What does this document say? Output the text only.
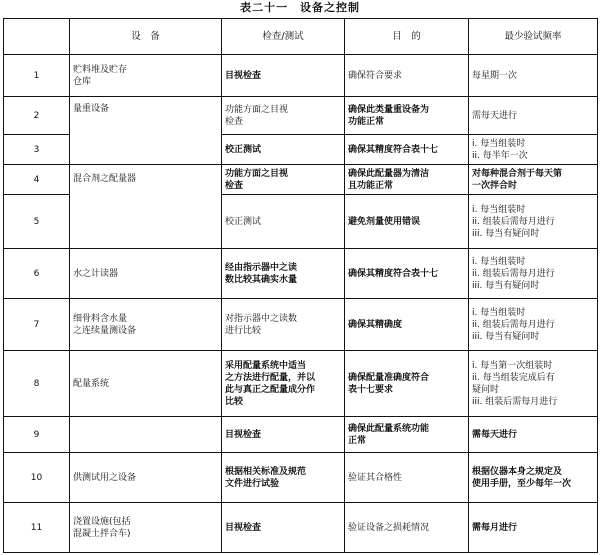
表二十一　设备之控制
	设　备	检查/测试	目　的	最少验试频率
1	贮料堆及贮存
仓库	目视检查	确保符合要求	每星期一次

2	量重设备	功能方面之目视
检查	确保此类量重设备为
功能正常	需每天进行

3		校正测试	确保其精度符合表十七	i. 每当组装时
ii. 每半年一次

4	混合剂之配量器	功能方面之目视
检查	确保此配量器为清洁
且功能正常	对每种混合剂于每天第
一次拌合时

5		校正测试	避免剂量使用错误	i. 每当组装时
ii. 组装后需每月进行
iii. 每当有疑问时

6	水之计读器	经由指示器中之读
数比较其确实水量	确保其精度符合表十七	i. 每当组装时
ii. 组装后需每月进行
iii. 每当有疑问时

7	细骨料含水量
之连续量测设备	对指示器中之读数
进行比较	确保其精确度	i. 每当组装时
ii. 组装后需每月进行
iii. 每当有疑问时

8	配量系统	采用配量系统中适当
之方法进行配量，并以
此与真正之配量成分作
比较	确保配量准确度符合
表十七要求	i. 每当第一次组装时
ii. 每当组装完成后有
疑问时
iii. 组装后需每月进行

9		目视检查	确保此配量系统功能
正常	需每天进行

10	供测试用之设备	根据相关标准及规范
文件进行试验	验证其合格性	根据仪器本身之规定及
使用手册，至少每年一次

11	浇置设施(包括
混凝土拌合车)	目视检查	验证设备之损耗情况	需每月进行
